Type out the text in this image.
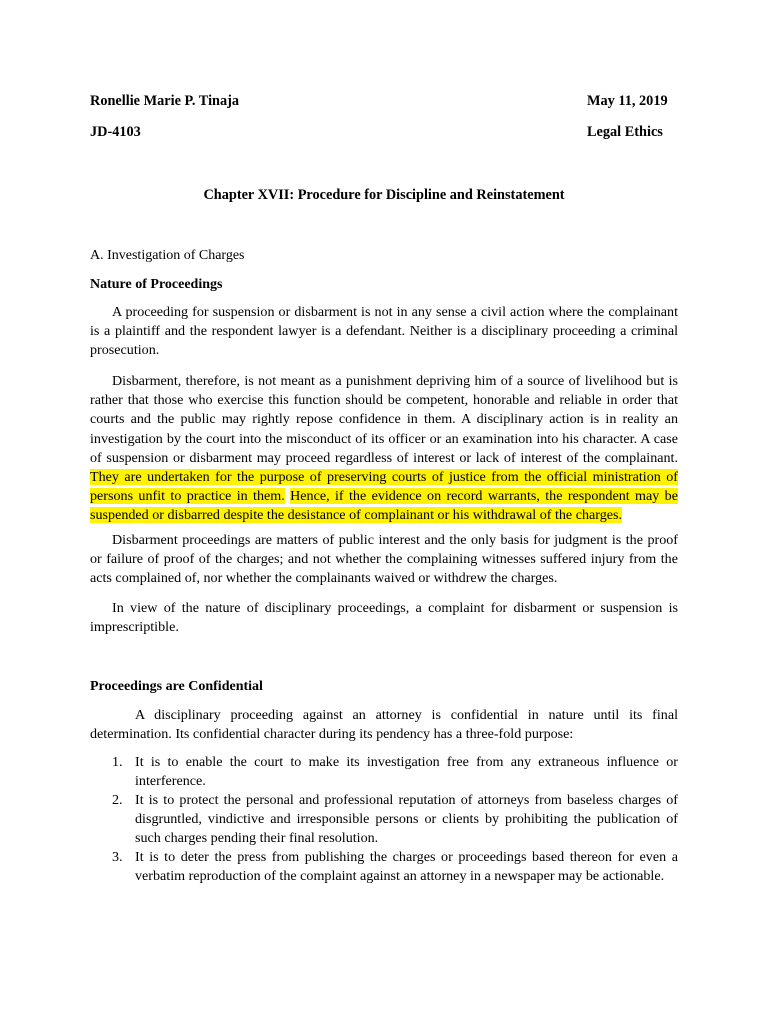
Ronellie Marie P. Tinaja	May 11, 2019

JD-4103	Legal Ethics

Chapter XVII: Procedure for Discipline and Reinstatement

A. Investigation of Charges

Nature of Proceedings

A proceeding for suspension or disbarment is not in any sense a civil action where the complainant is a plaintiff and the respondent lawyer is a defendant. Neither is a disciplinary proceeding a criminal prosecution.

Disbarment, therefore, is not meant as a punishment depriving him of a source of livelihood but is rather that those who exercise this function should be competent, honorable and reliable in order that courts and the public may rightly repose confidence in them. A disciplinary action is in reality an investigation by the court into the misconduct of its officer or an examination into his character. A case of suspension or disbarment may proceed regardless of interest or lack of interest of the complainant. They are undertaken for the purpose of preserving courts of justice from the official ministration of persons unfit to practice in them. Hence, if the evidence on record warrants, the respondent may be suspended or disbarred despite the desistance of complainant or his withdrawal of the charges.

Disbarment proceedings are matters of public interest and the only basis for judgment is the proof or failure of proof of the charges; and not whether the complaining witnesses suffered injury from the acts complained of, nor whether the complainants waived or withdrew the charges.

In view of the nature of disciplinary proceedings, a complaint for disbarment or suspension is imprescriptible.

Proceedings are Confidential

A disciplinary proceeding against an attorney is confidential in nature until its final determination. Its confidential character during its pendency has a three-fold purpose:

1. It is to enable the court to make its investigation free from any extraneous influence or interference.
2. It is to protect the personal and professional reputation of attorneys from baseless charges of disgruntled, vindictive and irresponsible persons or clients by prohibiting the publication of such charges pending their final resolution.
3. It is to deter the press from publishing the charges or proceedings based thereon for even a verbatim reproduction of the complaint against an attorney in a newspaper may be actionable.
